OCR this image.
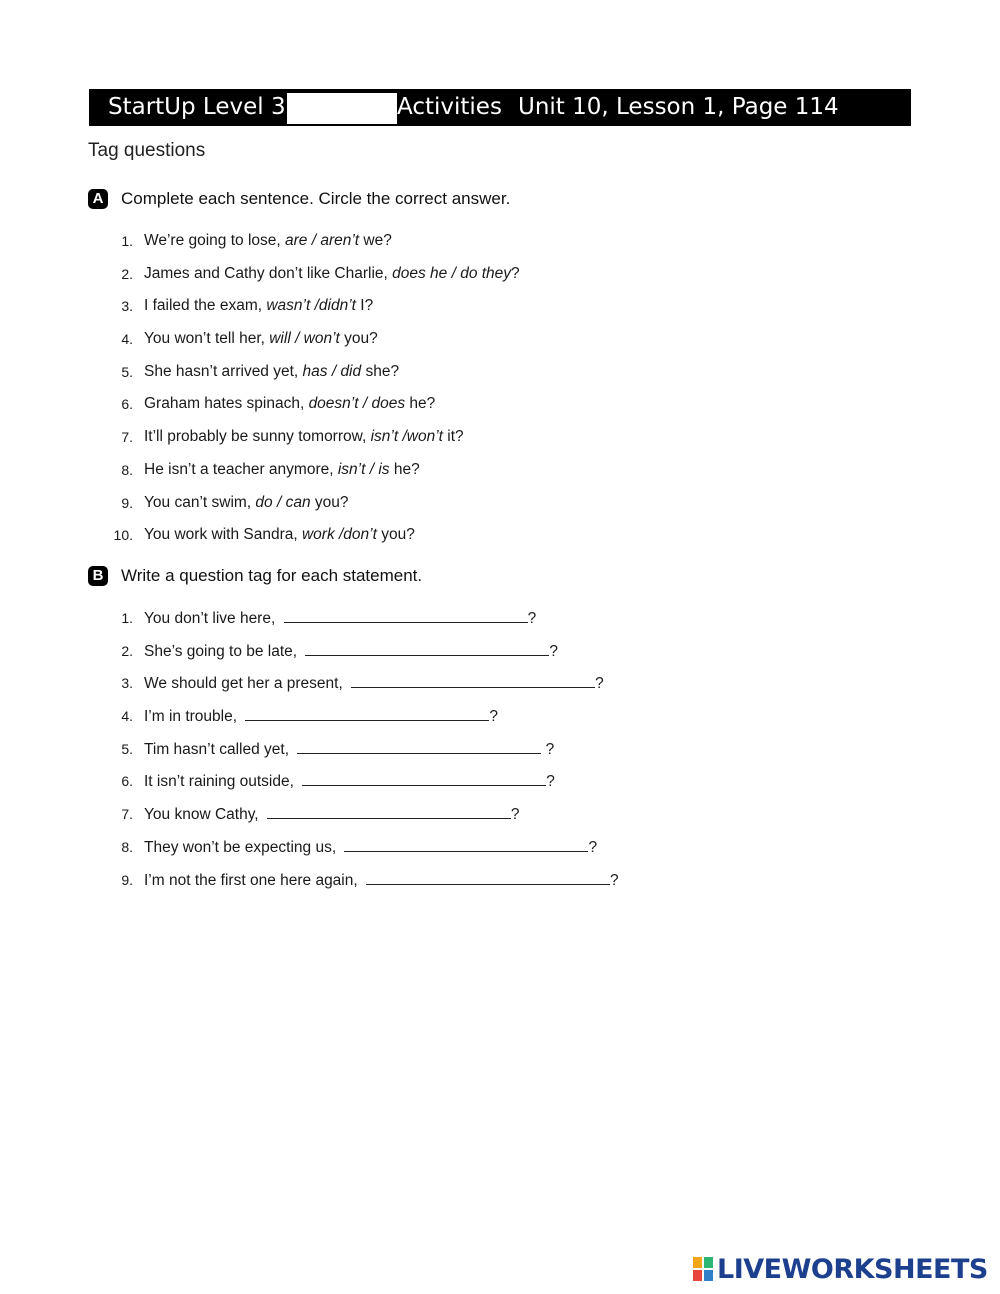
StartUp Level 3	Activities Unit 10, Lesson 1, Page 114
Tag questions
A Complete each sentence. Circle the correct answer.
1. We’re going to lose, are / aren’t we?
2. James and Cathy don’t like Charlie, does he / do they?
3. I failed the exam, wasn’t /didn’t I?
4. You won’t tell her, will / won’t you?
5. She hasn’t arrived yet, has / did she?
6. Graham hates spinach, doesn’t / does he?
7. It’ll probably be sunny tomorrow, isn’t /won’t it?
8. He isn’t a teacher anymore, isn’t / is he?
9. You can’t swim, do / can you?
10. You work with Sandra, work /don’t you?
B Write a question tag for each statement.
1. You don’t live here,	?
2. She’s going to be late,	?
3. We should get her a present,	?
4. I’m in trouble,	?
5. Tim hasn’t called yet,	?
6. It isn’t raining outside,	?
7. You know Cathy,	?
8. They won’t be expecting us,	?
9. I’m not the first one here again,	?
LIVEWORKSHEETS
